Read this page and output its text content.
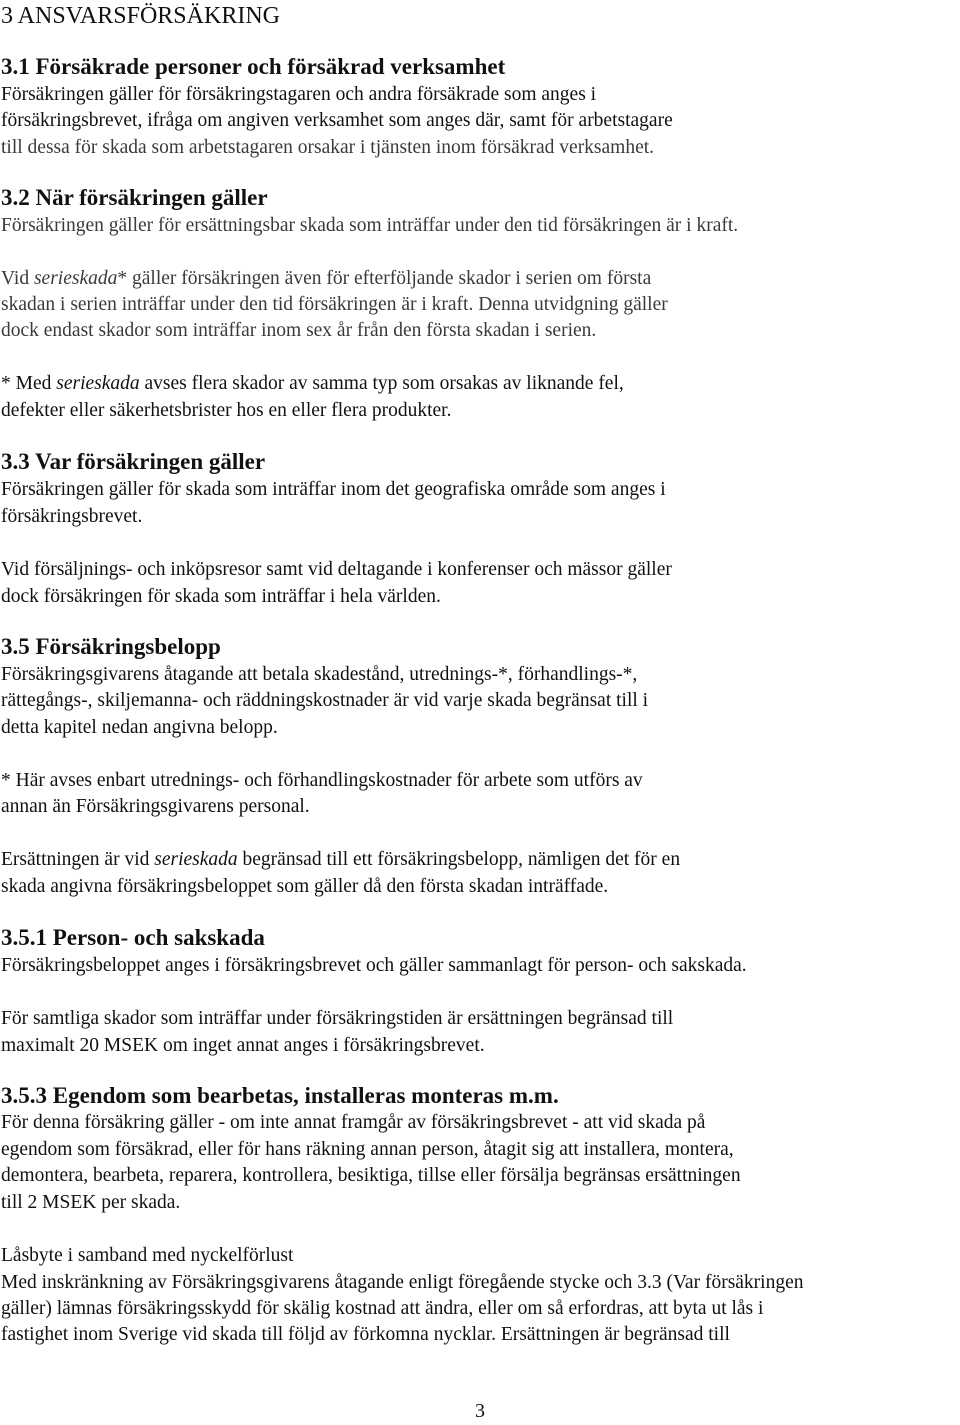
3 ANSVARSFÖRSÄKRING
3.1 Försäkrade personer och försäkrad verksamhet
Försäkringen gäller för försäkringstagaren och andra försäkrade som anges i
försäkringsbrevet, ifråga om angiven verksamhet som anges där, samt för arbetstagare
till dessa för skada som arbetstagaren orsakar i tjänsten inom försäkrad verksamhet.
3.2 När försäkringen gäller
Försäkringen gäller för ersättningsbar skada som inträffar under den tid försäkringen är i kraft.
Vid serieskada* gäller försäkringen även för efterföljande skador i serien om första
skadan i serien inträffar under den tid försäkringen är i kraft. Denna utvidgning gäller
dock endast skador som inträffar inom sex år från den första skadan i serien.
* Med serieskada avses flera skador av samma typ som orsakas av liknande fel,
defekter eller säkerhetsbrister hos en eller flera produkter.
3.3 Var försäkringen gäller
Försäkringen gäller för skada som inträffar inom det geografiska område som anges i
försäkringsbrevet.
Vid försäljnings- och inköpsresor samt vid deltagande i konferenser och mässor gäller
dock försäkringen för skada som inträffar i hela världen.
3.5 Försäkringsbelopp
Försäkringsgivarens åtagande att betala skadestånd, utrednings-*, förhandlings-*,
rättegångs-, skiljemanna- och räddningskostnader är vid varje skada begränsat till i
detta kapitel nedan angivna belopp.
* Här avses enbart utrednings- och förhandlingskostnader för arbete som utförs av
annan än Försäkringsgivarens personal.
Ersättningen är vid serieskada begränsad till ett försäkringsbelopp, nämligen det för en
skada angivna försäkringsbeloppet som gäller då den första skadan inträffade.
3.5.1 Person- och sakskada
Försäkringsbeloppet anges i försäkringsbrevet och gäller sammanlagt för person- och sakskada.
För samtliga skador som inträffar under försäkringstiden är ersättningen begränsad till
maximalt 20 MSEK om inget annat anges i försäkringsbrevet.
3.5.3 Egendom som bearbetas, installeras monteras m.m.
För denna försäkring gäller - om inte annat framgår av försäkringsbrevet - att vid skada på
egendom som försäkrad, eller för hans räkning annan person, åtagit sig att installera, montera,
demontera, bearbeta, reparera, kontrollera, besiktiga, tillse eller försälja begränsas ersättningen
till 2 MSEK per skada.
Låsbyte i samband med nyckelförlust
Med inskränkning av Försäkringsgivarens åtagande enligt föregående stycke och 3.3 (Var försäkringen
gäller) lämnas försäkringsskydd för skälig kostnad att ändra, eller om så erfordras, att byta ut lås i
fastighet inom Sverige vid skada till följd av förkomna nycklar. Ersättningen är begränsad till
3
